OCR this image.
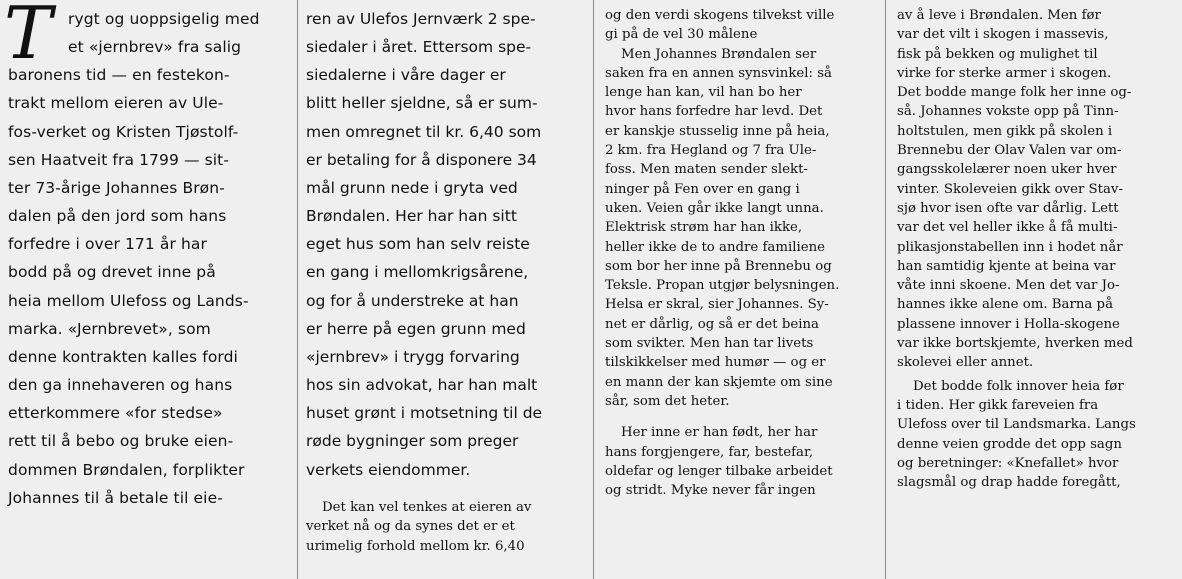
T	rygt og uoppsigelig med
et «jernbrev» fra salig
baronens tid — en festekon-
trakt mellom eieren av Ule-
fos-verket og Kristen Tjøstolf-
sen Haatveit fra 1799 — sit-
ter 73-årige Johannes Brøn-
dalen på den jord som hans
forfedre i over 171 år har
bodd på og drevet inne på
heia mellom Ulefoss og Lands-
marka. «Jernbrevet», som
denne kontrakten kalles fordi
den ga innehaveren og hans
etterkommere «for stedse»
rett til å bebo og bruke eien-
dommen Brøndalen, forplikter
Johannes til å betale til eie-
ren av Ulefos Jernværk 2 spe-
siedaler i året. Ettersom spe-
siedalerne i våre dager er
blitt heller sjeldne, så er sum-
men omregnet til kr. 6,40 som
er betaling for å disponere 34
mål grunn nede i gryta ved
Brøndalen. Her har han sitt
eget hus som han selv reiste
en gang i mellomkrigsårene,
og for å understreke at han
er herre på egen grunn med
«jernbrev» i trygg forvaring
hos sin advokat, har han malt
huset grønt i motsetning til de
røde bygninger som preger
verkets eiendommer.
Det kan vel tenkes at eieren av
verket nå og da synes det er et
urimelig forhold mellom kr. 6,40
og den verdi skogens tilvekst ville
gi på de vel 30 målene
Men Johannes Brøndalen ser
saken fra en annen synsvinkel: så
lenge han kan, vil han bo her
hvor hans forfedre har levd. Det
er kanskje stusselig inne på heia,
2 km. fra Hegland og 7 fra Ule-
foss. Men maten sender slekt-
ninger på Fen over en gang i
uken. Veien går ikke langt unna.
Elektrisk strøm har han ikke,
heller ikke de to andre familiene
som bor her inne på Brennebu og
Teksle. Propan utgjør belysningen.
Helsa er skral, sier Johannes. Sy-
net er dårlig, og så er det beina
som svikter. Men han tar livets
tilskikkelser med humør — og er
en mann der kan skjemte om sine
sår, som det heter.
Her inne er han født, her har
hans forgjengere, far, bestefar,
oldefar og lenger tilbake arbeidet
og stridt. Myke never får ingen
av å leve i Brøndalen. Men før
var det vilt i skogen i massevis,
fisk på bekken og mulighet til
virke for sterke armer i skogen.
Det bodde mange folk her inne og-
så. Johannes vokste opp på Tinn-
holtstulen, men gikk på skolen i
Brennebu der Olav Valen var om-
gangsskolelærer noen uker hver
vinter. Skoleveien gikk over Stav-
sjø hvor isen ofte var dårlig. Lett
var det vel heller ikke å få multi-
plikasjonstabellen inn i hodet når
han samtidig kjente at beina var
våte inni skoene. Men det var Jo-
hannes ikke alene om. Barna på
plassene innover i Holla-skogene
var ikke bortskjemte, hverken med
skolevei eller annet.
Det bodde folk innover heia før
i tiden. Her gikk fareveien fra
Ulefoss over til Landsmarka. Langs
denne veien grodde det opp sagn
og beretninger: «Knefallet» hvor
slagsmål og drap hadde foregått,
